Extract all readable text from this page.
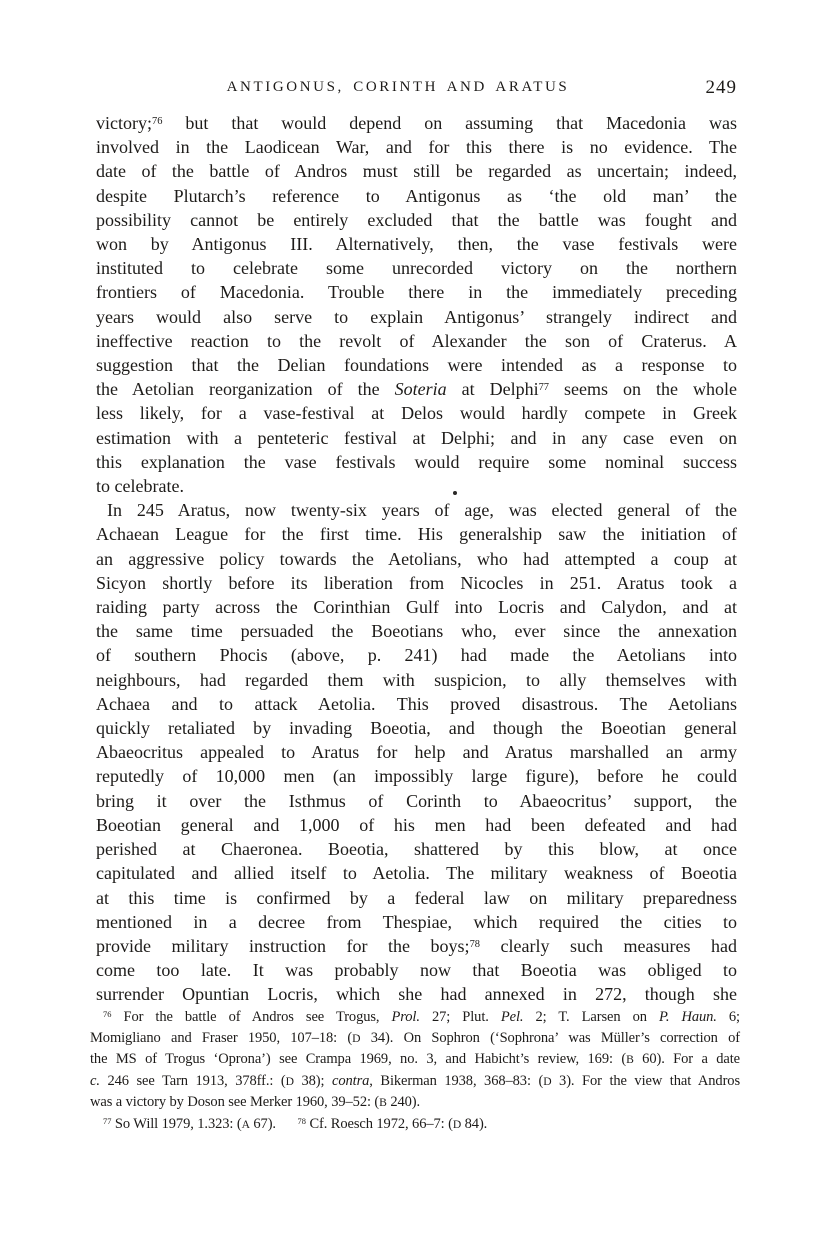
ANTIGONUS, CORINTH AND ARATUS	249
victory;$^{76}$ but that would depend on assuming that Macedonia was
involved in the Laodicean War, and for this there is no evidence. The
date of the battle of Andros must still be regarded as uncertain; indeed,
despite Plutarch’s reference to Antigonus as ‘the old man’ the
possibility cannot be entirely excluded that the battle was fought and
won by Antigonus III. Alternatively, then, the vase festivals were
instituted to celebrate some unrecorded victory on the northern
frontiers of Macedonia. Trouble there in the immediately preceding
years would also serve to explain Antigonus’ strangely indirect and
ineffective reaction to the revolt of Alexander the son of Craterus. A
suggestion that the Delian foundations were intended as a response to
the Aetolian reorganization of the Soteria at Delphi$^{77}$ seems on the whole
less likely, for a vase-festival at Delos would hardly compete in Greek
estimation with a penteteric festival at Delphi; and in any case even on
this explanation the vase festivals would require some nominal success
to celebrate.
In 245 Aratus, now twenty-six years of age, was elected general of the
Achaean League for the first time. His generalship saw the initiation of
an aggressive policy towards the Aetolians, who had attempted a coup at
Sicyon shortly before its liberation from Nicocles in 251. Aratus took a
raiding party across the Corinthian Gulf into Locris and Calydon, and at
the same time persuaded the Boeotians who, ever since the annexation
of southern Phocis (above, p. 241) had made the Aetolians into
neighbours, had regarded them with suspicion, to ally themselves with
Achaea and to attack Aetolia. This proved disastrous. The Aetolians
quickly retaliated by invading Boeotia, and though the Boeotian general
Abaeocritus appealed to Aratus for help and Aratus marshalled an army
reputedly of 10,000 men (an impossibly large figure), before he could
bring it over the Isthmus of Corinth to Abaeocritus’ support, the
Boeotian general and 1,000 of his men had been defeated and had
perished at Chaeronea. Boeotia, shattered by this blow, at once
capitulated and allied itself to Aetolia. The military weakness of Boeotia
at this time is confirmed by a federal law on military preparedness
mentioned in a decree from Thespiae, which required the cities to
provide military instruction for the boys;$^{78}$ clearly such measures had
come too late. It was probably now that Boeotia was obliged to
surrender Opuntian Locris, which she had annexed in 272, though she
$^{76}$ For the battle of Andros see Trogus, Prol. 27; Plut. Pel. 2; T. Larsen on P. Haun. 6;
Momigliano and Fraser 1950, 107–18: (D 34). On Sophron (‘Sophrona’ was Müller’s correction of
the MS of Trogus ‘Oprona’) see Crampa 1969, no. 3, and Habicht’s review, 169: (B 60). For a date
c. 246 see Tarn 1913, 378ff.: (D 38); contra, Bikerman 1938, 368–83: (D 3). For the view that Andros
was a victory by Doson see Merker 1960, 39–52: (B 240).
$^{77}$ So Will 1979, 1.323: (A 67).  $^{78}$ Cf. Roesch 1972, 66–7: (D 84).
